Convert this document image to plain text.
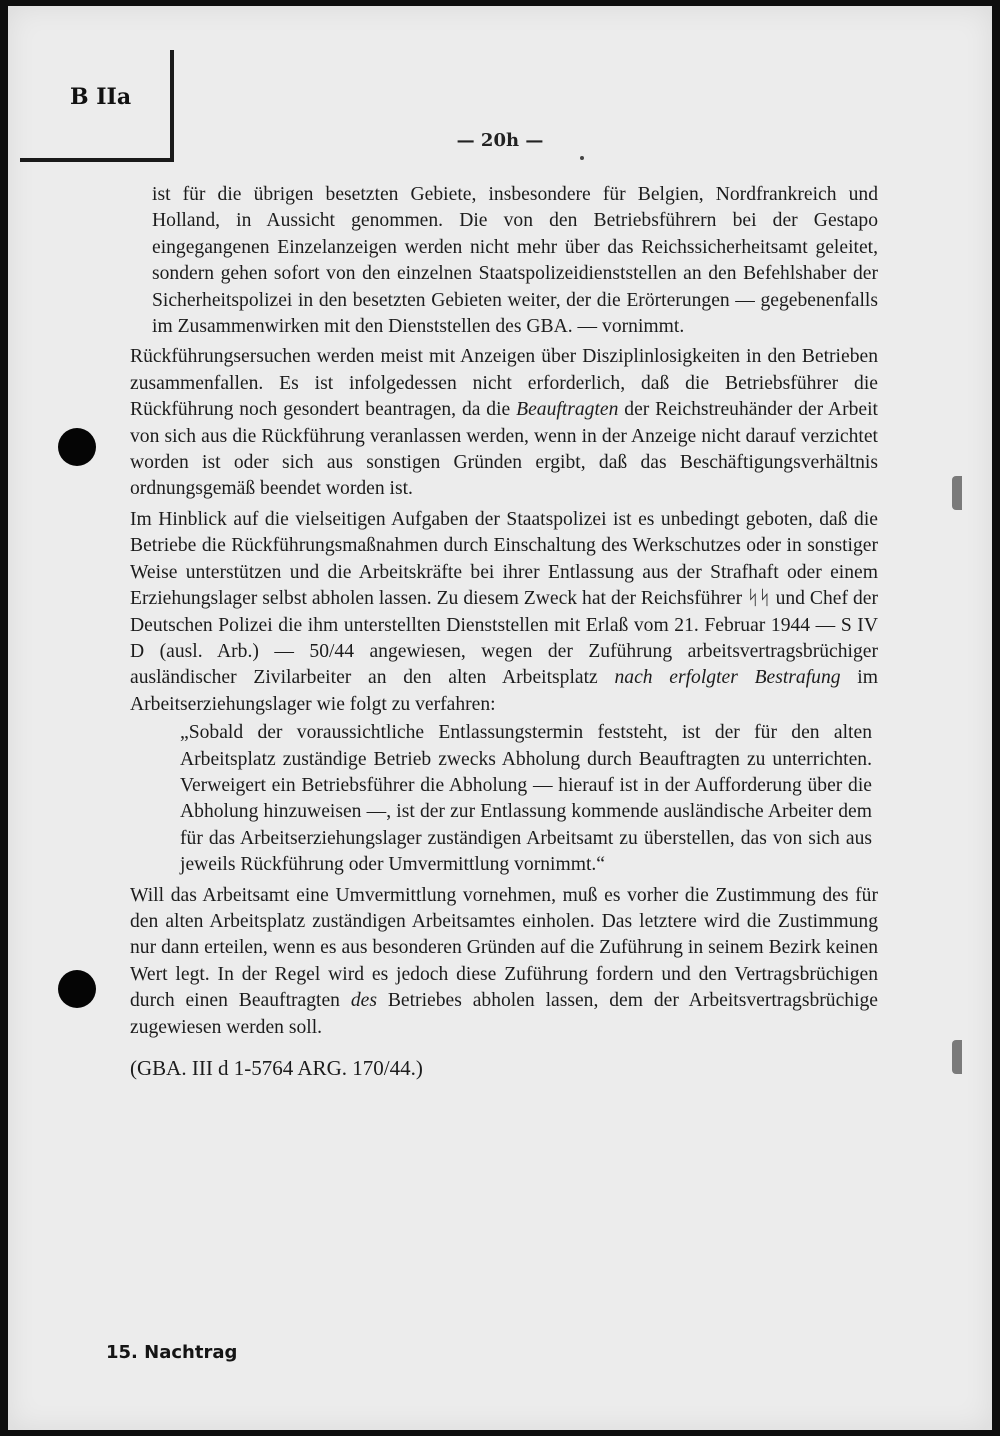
B IIa
— 20h —

ist für die übrigen besetzten Gebiete, insbesondere für Belgien, Nordfrankreich und Holland, in Aussicht genommen. Die von den Betriebsführern bei der Gestapo eingegangenen Einzelanzeigen werden nicht mehr über das Reichssicherheitsamt geleitet, sondern gehen sofort von den einzelnen Staatspolizeidienststellen an den Befehlshaber der Sicherheitspolizei in den besetzten Gebieten weiter, der die Erörterungen — gegebenenfalls im Zusammenwirken mit den Dienststellen des GBA. — vornimmt.

Rückführungsersuchen werden meist mit Anzeigen über Disziplinlosigkeiten in den Betrieben zusammenfallen. Es ist infolgedessen nicht erforderlich, daß die Betriebsführer die Rückführung noch gesondert beantragen, da die Beauftragten der Reichstreuhänder der Arbeit von sich aus die Rückführung veranlassen werden, wenn in der Anzeige nicht darauf verzichtet worden ist oder sich aus sonstigen Gründen ergibt, daß das Beschäftigungsverhältnis ordnungsgemäß beendet worden ist.

Im Hinblick auf die vielseitigen Aufgaben der Staatspolizei ist es unbedingt geboten, daß die Betriebe die Rückführungsmaßnahmen durch Einschaltung des Werkschutzes oder in sonstiger Weise unterstützen und die Arbeitskräfte bei ihrer Entlassung aus der Strafhaft oder einem Erziehungslager selbst abholen lassen. Zu diesem Zweck hat der Reichsführer ᛋᛋ und Chef der Deutschen Polizei die ihm unterstellten Dienststellen mit Erlaß vom 21. Februar 1944 — S IV D (ausl. Arb.) — 50/44 angewiesen, wegen der Zuführung arbeitsvertragsbrüchiger ausländischer Zivilarbeiter an den alten Arbeitsplatz nach erfolgter Bestrafung im Arbeitserziehungslager wie folgt zu verfahren:

„Sobald der voraussichtliche Entlassungstermin feststeht, ist der für den alten Arbeitsplatz zuständige Betrieb zwecks Abholung durch Beauftragten zu unterrichten. Verweigert ein Betriebsführer die Abholung — hierauf ist in der Aufforderung über die Abholung hinzuweisen —, ist der zur Entlassung kommende ausländische Arbeiter dem für das Arbeitserziehungslager zuständigen Arbeitsamt zu überstellen, das von sich aus jeweils Rückführung oder Umvermittlung vornimmt.“

Will das Arbeitsamt eine Umvermittlung vornehmen, muß es vorher die Zustimmung des für den alten Arbeitsplatz zuständigen Arbeitsamtes einholen. Das letztere wird die Zustimmung nur dann erteilen, wenn es aus besonderen Gründen auf die Zuführung in seinem Bezirk keinen Wert legt. In der Regel wird es jedoch diese Zuführung fordern und den Vertragsbrüchigen durch einen Beauftragten des Betriebes abholen lassen, dem der Arbeitsvertragsbrüchige zugewiesen werden soll.

(GBA. III d 1-5764 ARG. 170/44.)

15. Nachtrag
